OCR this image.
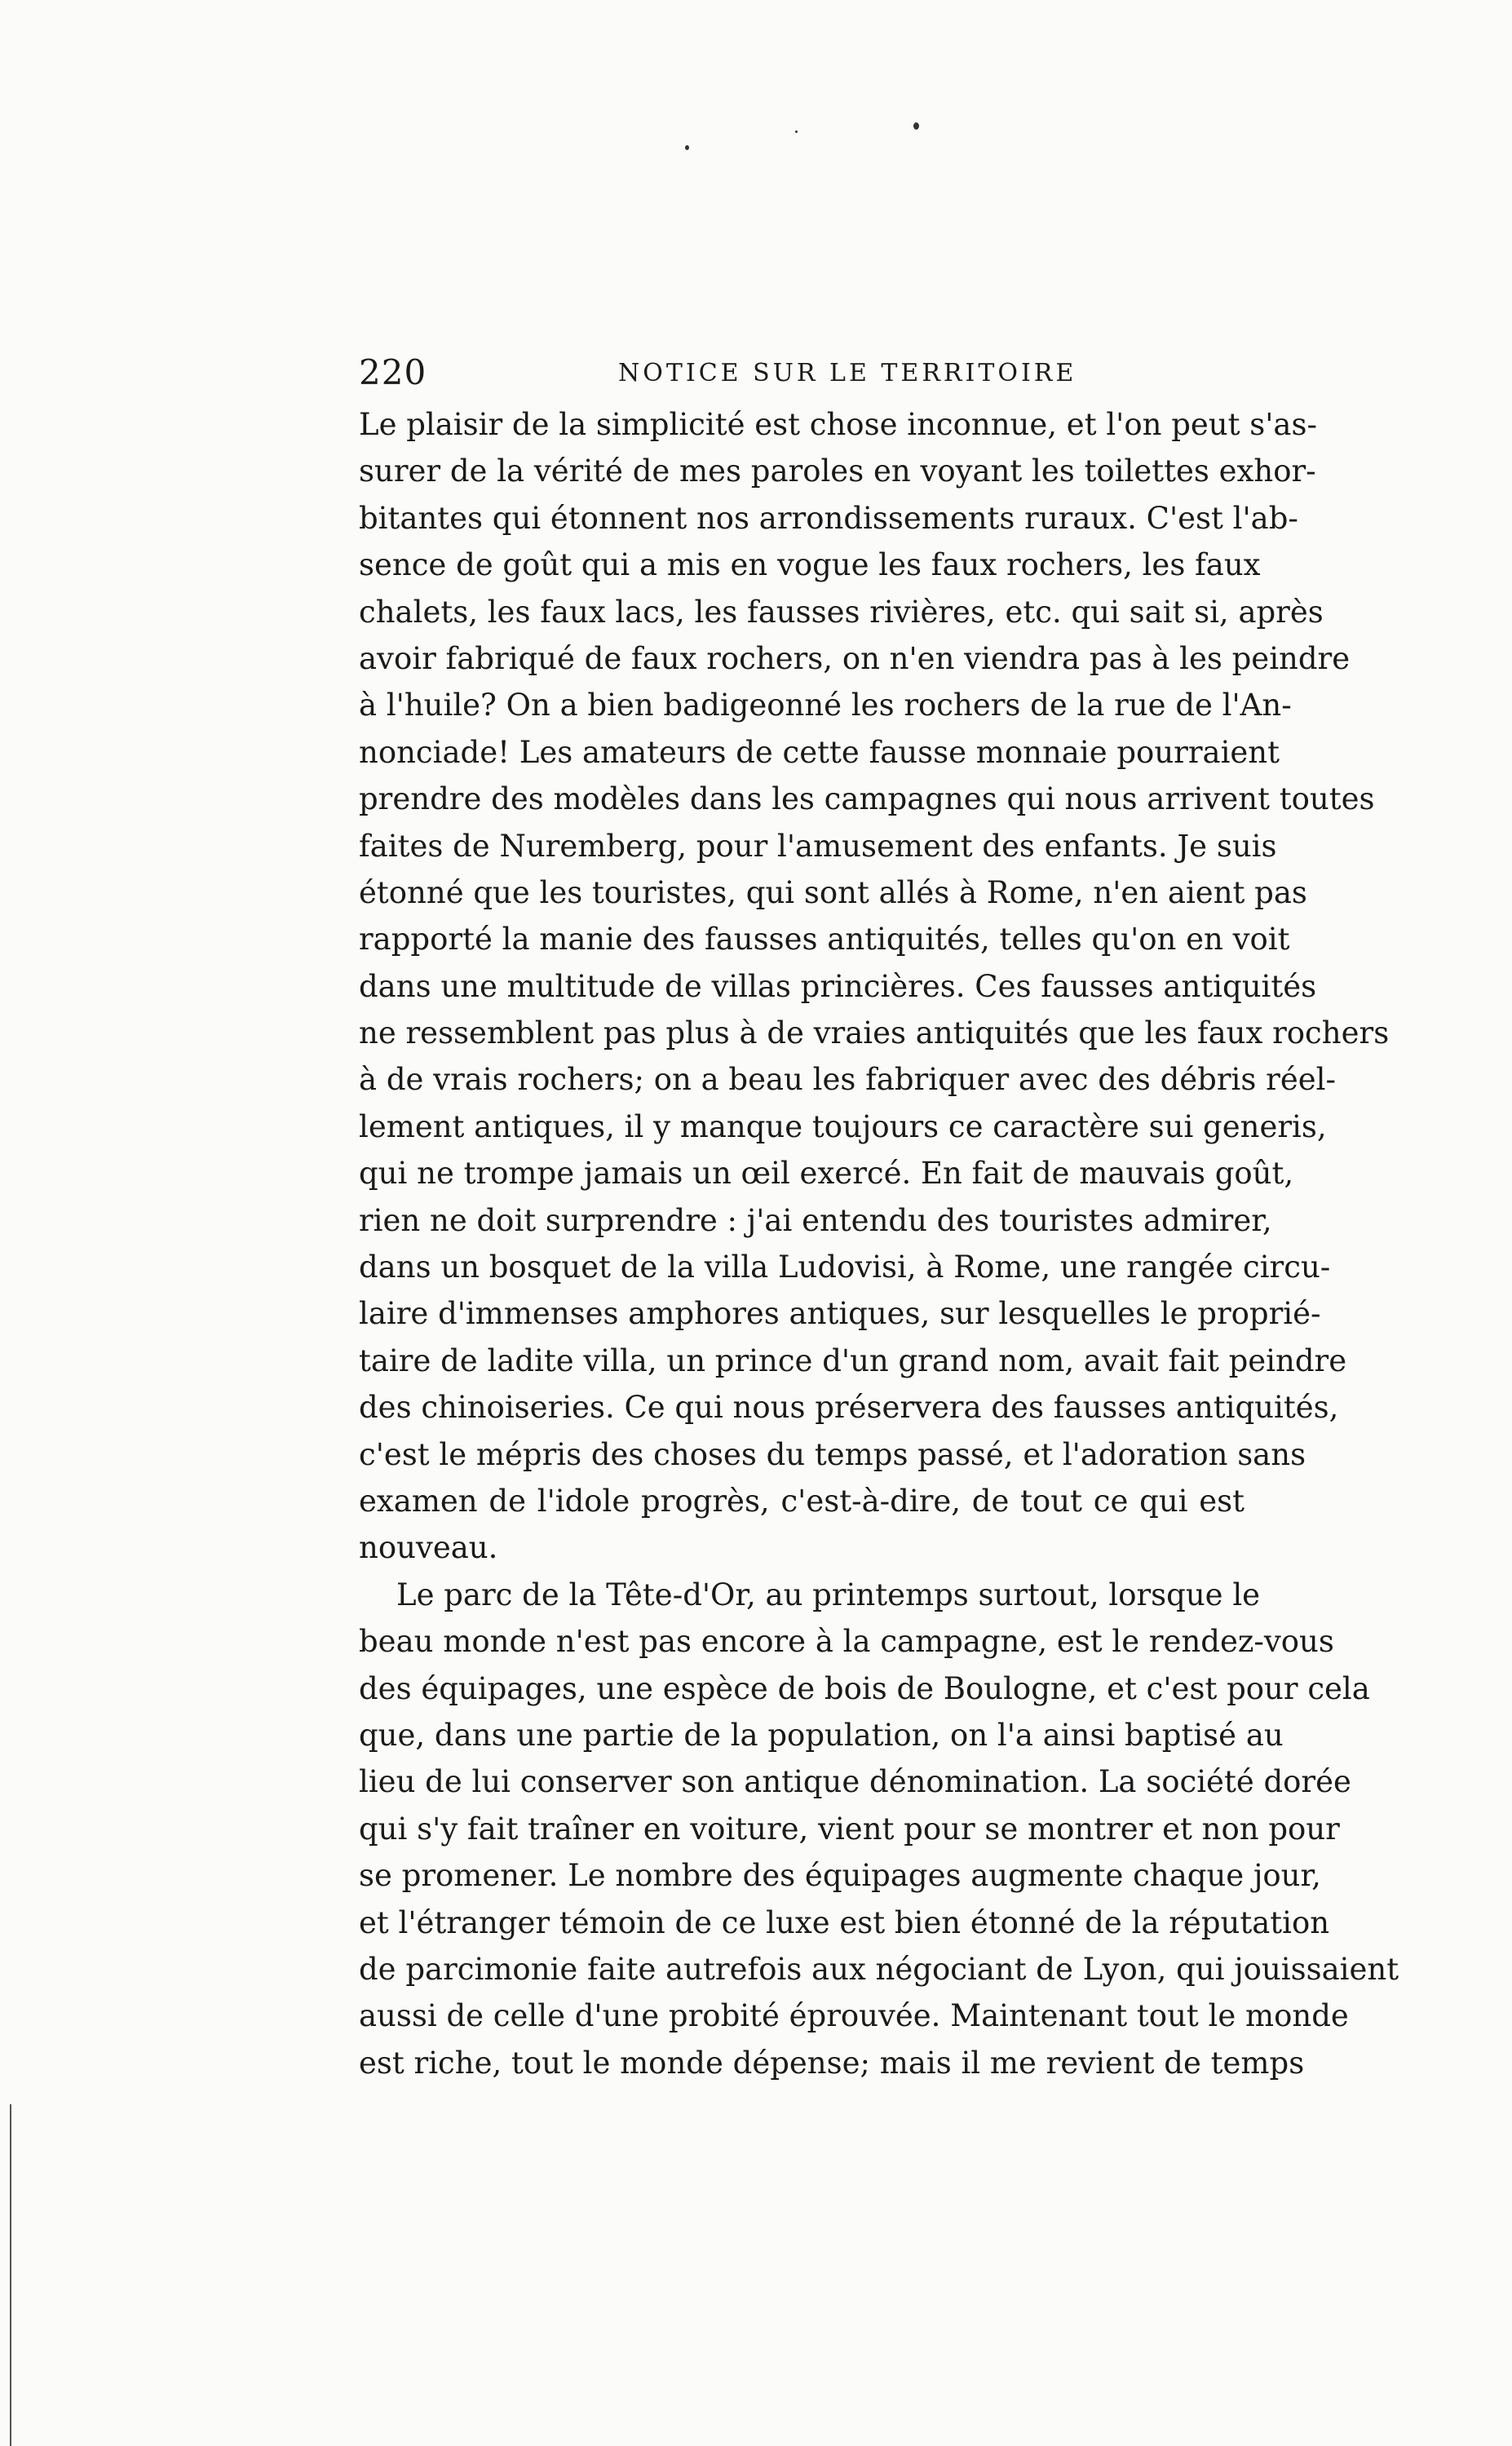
220	NOTICE SUR LE TERRITOIRE
Le plaisir de la simplicité est chose inconnue, et l'on peut s'as-
surer de la vérité de mes paroles en voyant les toilettes exhor-
bitantes qui étonnent nos arrondissements ruraux. C'est l'ab-
sence de goût qui a mis en vogue les faux rochers, les faux
chalets, les faux lacs, les fausses rivières, etc. qui sait si, après
avoir fabriqué de faux rochers, on n'en viendra pas à les peindre
à l'huile? On a bien badigeonné les rochers de la rue de l'An-
nonciade! Les amateurs de cette fausse monnaie pourraient
prendre des modèles dans les campagnes qui nous arrivent toutes
faites de Nuremberg, pour l'amusement des enfants. Je suis
étonné que les touristes, qui sont allés à Rome, n'en aient pas
rapporté la manie des fausses antiquités, telles qu'on en voit
dans une multitude de villas princières. Ces fausses antiquités
ne ressemblent pas plus à de vraies antiquités que les faux rochers
à de vrais rochers; on a beau les fabriquer avec des débris réel-
lement antiques, il y manque toujours ce caractère sui generis,
qui ne trompe jamais un œil exercé. En fait de mauvais goût,
rien ne doit surprendre : j'ai entendu des touristes admirer,
dans un bosquet de la villa Ludovisi, à Rome, une rangée circu-
laire d'immenses amphores antiques, sur lesquelles le proprié-
taire de ladite villa, un prince d'un grand nom, avait fait peindre
des chinoiseries. Ce qui nous préservera des fausses antiquités,
c'est le mépris des choses du temps passé, et l'adoration sans
examen de l'idole progrès, c'est-à-dire, de tout ce qui est
nouveau.
Le parc de la Tête-d'Or, au printemps surtout, lorsque le
beau monde n'est pas encore à la campagne, est le rendez-vous
des équipages, une espèce de bois de Boulogne, et c'est pour cela
que, dans une partie de la population, on l'a ainsi baptisé au
lieu de lui conserver son antique dénomination. La société dorée
qui s'y fait traîner en voiture, vient pour se montrer et non pour
se promener. Le nombre des équipages augmente chaque jour,
et l'étranger témoin de ce luxe est bien étonné de la réputation
de parcimonie faite autrefois aux négociant de Lyon, qui jouissaient
aussi de celle d'une probité éprouvée. Maintenant tout le monde
est riche, tout le monde dépense; mais il me revient de temps
